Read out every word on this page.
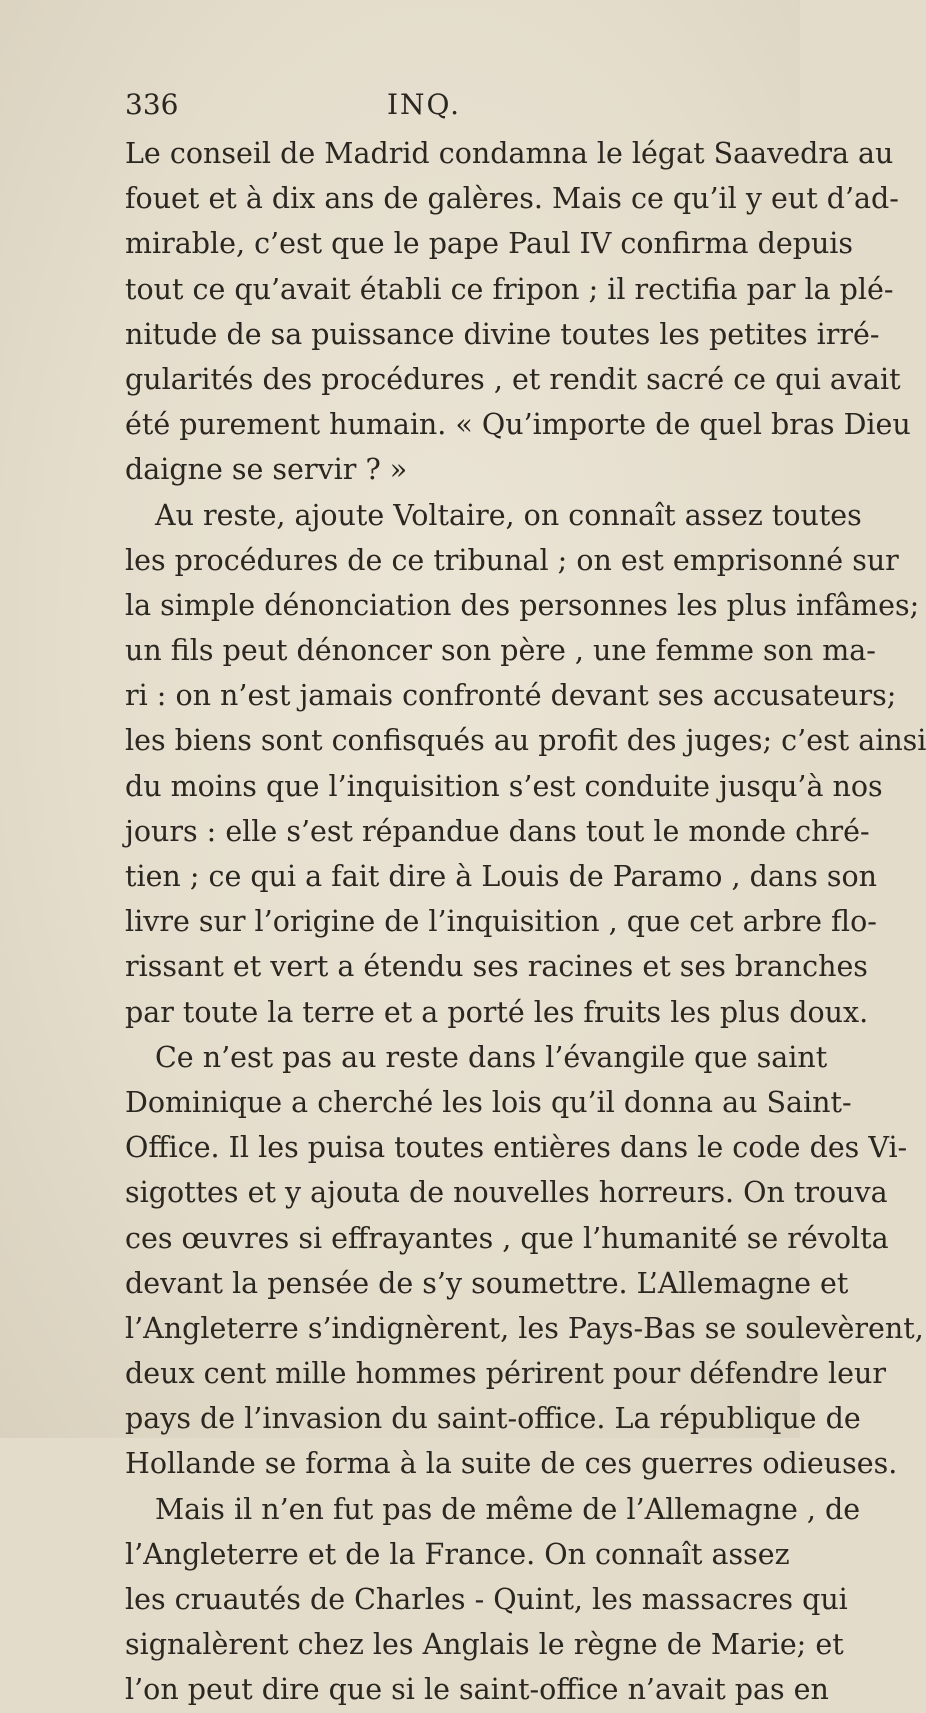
336	INQ.
Le conseil de Madrid condamna le légat Saavedra au
fouet et à dix ans de galères. Mais ce qu’il y eut d’ad-
mirable, c’est que le pape Paul IV confirma depuis
tout ce qu’avait établi ce fripon ; il rectifia par la plé-
nitude de sa puissance divine toutes les petites irré-
gularités des procédures , et rendit sacré ce qui avait
été purement humain. « Qu’importe de quel bras Dieu
daigne se servir ? »
Au reste, ajoute Voltaire, on connaît assez toutes
les procédures de ce tribunal ; on est emprisonné sur
la simple dénonciation des personnes les plus infâmes;
un fils peut dénoncer son père , une femme son ma-
ri : on n’est jamais confronté devant ses accusateurs;
les biens sont confisqués au profit des juges; c’est ainsi
du moins que l’inquisition s’est conduite jusqu’à nos
jours : elle s’est répandue dans tout le monde chré-
tien ; ce qui a fait dire à Louis de Paramo , dans son
livre sur l’origine de l’inquisition , que cet arbre flo-
rissant et vert a étendu ses racines et ses branches
par toute la terre et a porté les fruits les plus doux.
Ce n’est pas au reste dans l’évangile que saint
Dominique a cherché les lois qu’il donna au Saint-
Office. Il les puisa toutes entières dans le code des Vi-
sigottes et y ajouta de nouvelles horreurs. On trouva
ces œuvres si effrayantes , que l’humanité se révolta
devant la pensée de s’y soumettre. L’Allemagne et
l’Angleterre s’indignèrent, les Pays-Bas se soulevèrent,
deux cent mille hommes périrent pour défendre leur
pays de l’invasion du saint-office. La république de
Hollande se forma à la suite de ces guerres odieuses.
Mais il n’en fut pas de même de l’Allemagne , de
l’Angleterre et de la France. On connaît assez
les cruautés de Charles - Quint, les massacres qui
signalèrent chez les Anglais le règne de Marie; et
l’on peut dire que si le saint-office n’avait pas en
